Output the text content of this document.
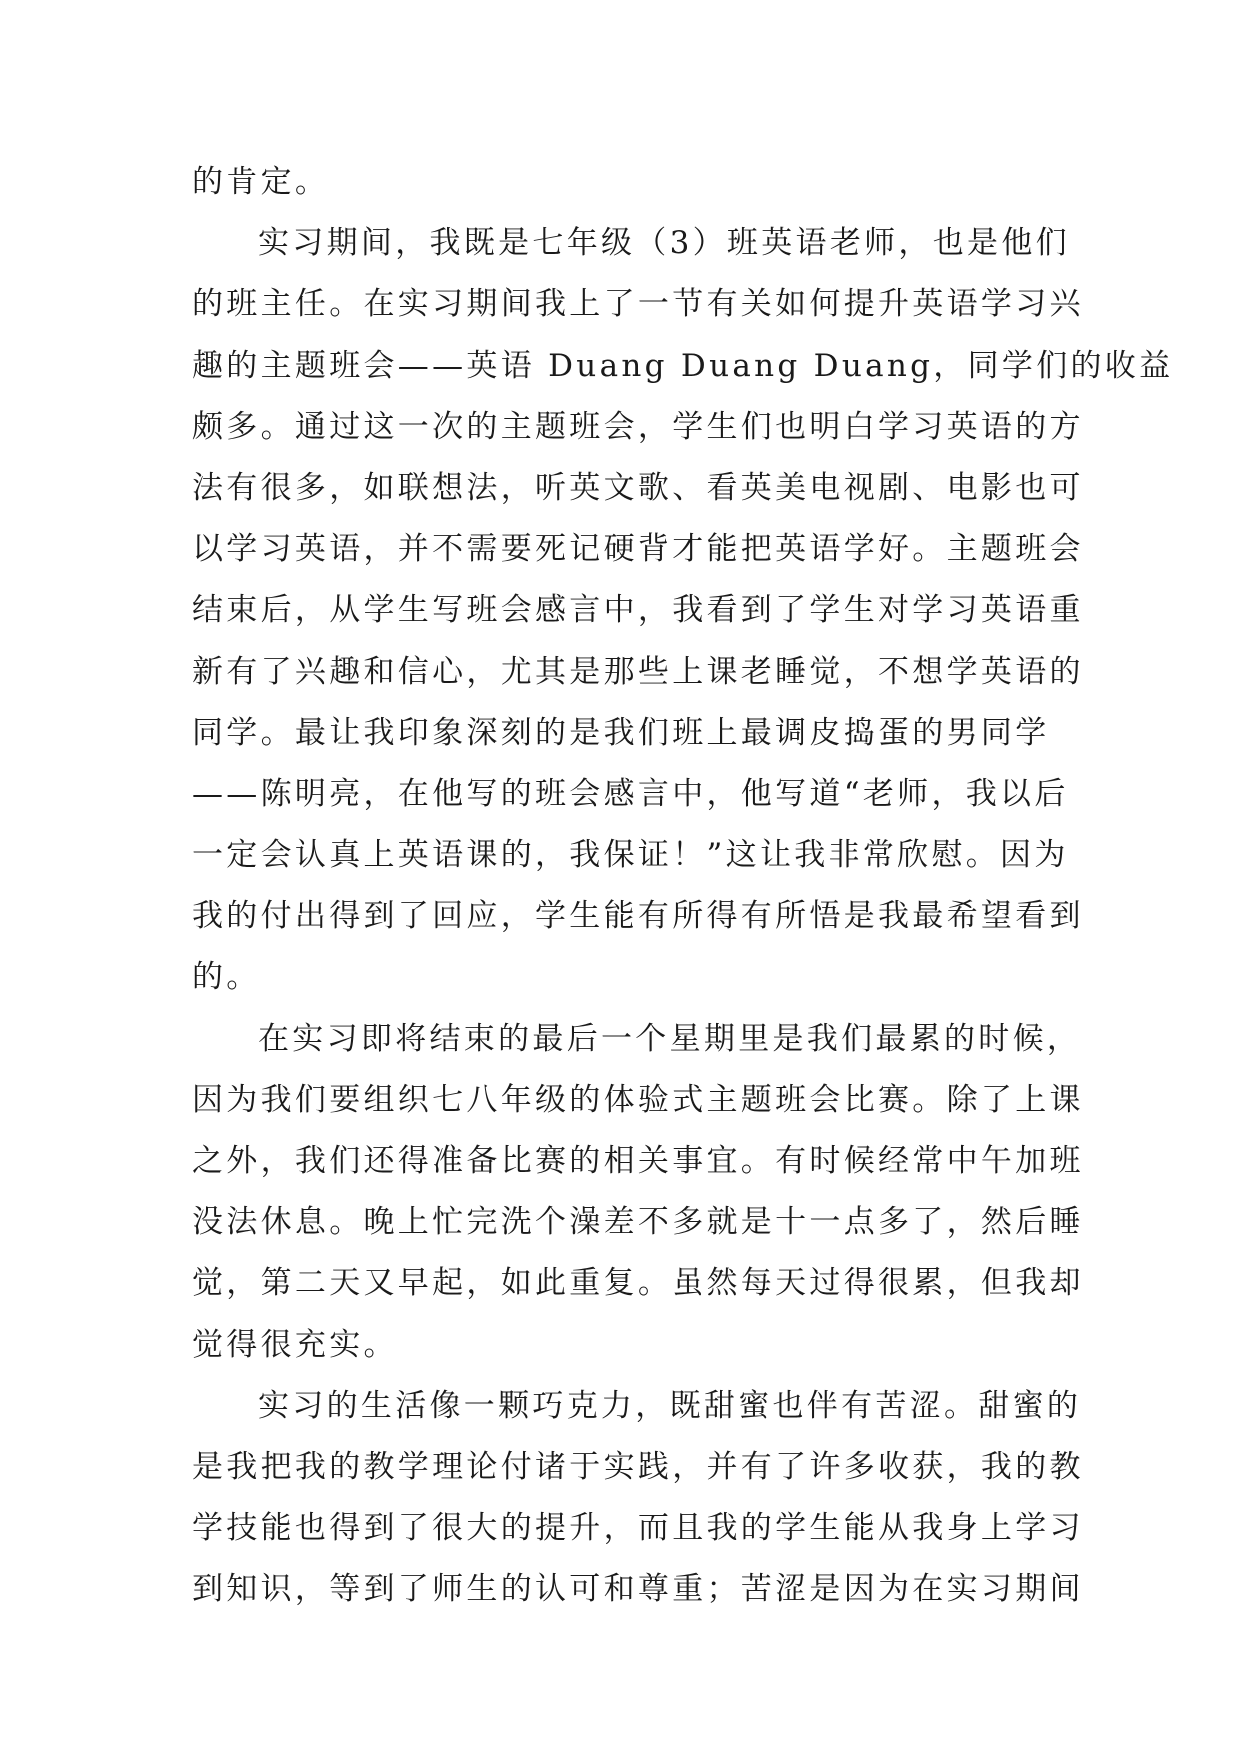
的肯定。
实习期间，我既是七年级（3）班英语老师，也是他们
的班主任。在实习期间我上了一节有关如何提升英语学习兴
趣的主题班会——英语 Duang Duang Duang，同学们的收益
颇多。通过这一次的主题班会，学生们也明白学习英语的方
法有很多，如联想法，听英文歌、看英美电视剧、电影也可
以学习英语，并不需要死记硬背才能把英语学好。主题班会
结束后，从学生写班会感言中，我看到了学生对学习英语重
新有了兴趣和信心，尤其是那些上课老睡觉，不想学英语的
同学。最让我印象深刻的是我们班上最调皮捣蛋的男同学
——陈明亮，在他写的班会感言中，他写道“老师，我以后
一定会认真上英语课的，我保证！”这让我非常欣慰。因为
我的付出得到了回应，学生能有所得有所悟是我最希望看到
的。
在实习即将结束的最后一个星期里是我们最累的时候，
因为我们要组织七八年级的体验式主题班会比赛。除了上课
之外，我们还得准备比赛的相关事宜。有时候经常中午加班
没法休息。晚上忙完洗个澡差不多就是十一点多了，然后睡
觉，第二天又早起，如此重复。虽然每天过得很累，但我却
觉得很充实。
实习的生活像一颗巧克力，既甜蜜也伴有苦涩。甜蜜的
是我把我的教学理论付诸于实践，并有了许多收获，我的教
学技能也得到了很大的提升，而且我的学生能从我身上学习
到知识，等到了师生的认可和尊重；苦涩是因为在实习期间
